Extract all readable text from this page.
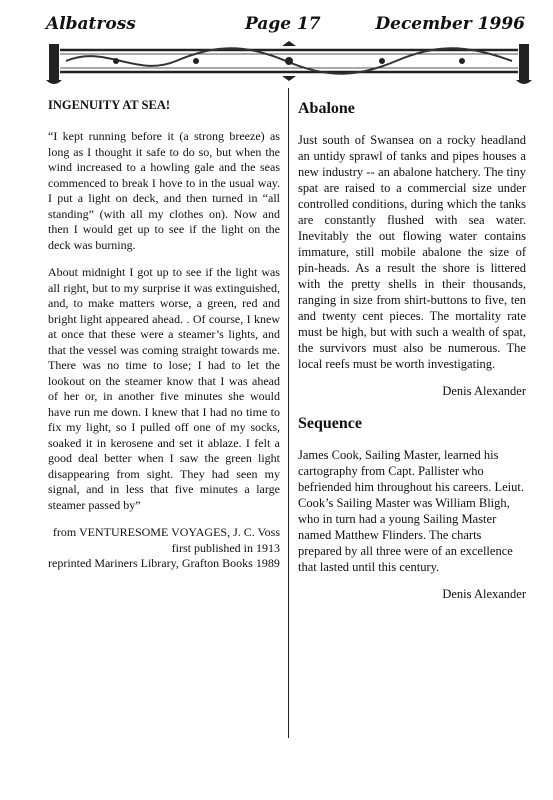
Albatross	Page 17	December 1996
INGENUITY AT SEA!

“I kept running before it (a strong breeze) as long as I thought it safe to do so, but when the wind increased to a howling gale and the seas commenced to break I hove to in the usual way. I put a light on deck, and then turned in “all standing” (with all my clothes on). Now and then I would get up to see if the light on the deck was burning.

About midnight I got up to see if the light was all right, but to my surprise it was extinguished, and, to make matters worse, a green, red and bright light appeared ahead. . Of course, I knew at once that these were a steamer’s lights, and that the vessel was coming straight towards me. There was no time to lose; I had to let the lookout on the steamer know that I was ahead of her or, in another five minutes she would have run me down. I knew that I had no time to fix my light, so I pulled off one of my socks, soaked it in kerosene and set it ablaze. I felt a good deal better when I saw the green light disappearing from sight. They had seen my signal, and in less that five minutes a large steamer passed by”

from VENTURESOME VOYAGES, J. C. Voss
first published in 1913
reprinted Mariners Library, Grafton Books 1989
Abalone

Just south of Swansea on a rocky headland an untidy sprawl of tanks and pipes houses a new industry -- an abalone hatchery. The tiny spat are raised to a commercial size under controlled conditions, during which the tanks are constantly flushed with sea water. Inevitably the out flowing water contains immature, still mobile abalone the size of pin-heads. As a result the shore is littered with the pretty shells in their thousands, ranging in size from shirt-buttons to five, ten and twenty cent pieces. The mortality rate must be high, but with such a wealth of spat, the survivors must also be numerous. The local reefs must be worth investigating.

Denis Alexander
Sequence

James Cook, Sailing Master, learned his cartography from Capt. Pallister who befriended him throughout his careers. Leiut. Cook’s Sailing Master was William Bligh, who in turn had a young Sailing Master named Matthew Flinders. The charts prepared by all three were of an excellence that lasted until this century.

Denis Alexander
